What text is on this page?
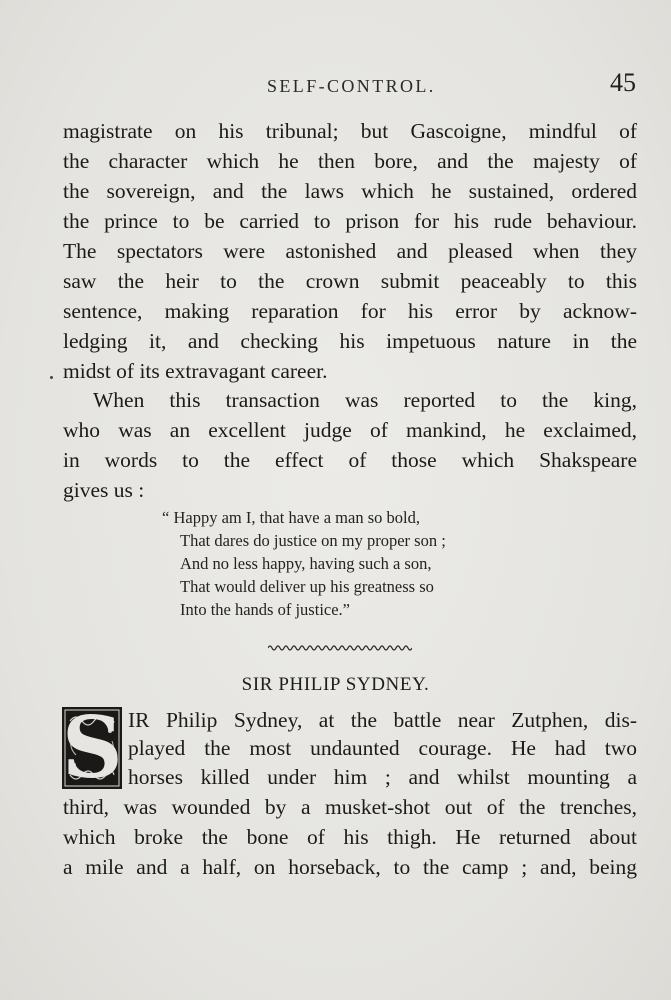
SELF-CONTROL.	45
magistrate on his tribunal; but Gascoigne, mindful of
the character which he then bore, and the majesty of
the sovereign, and the laws which he sustained, ordered
the prince to be carried to prison for his rude behaviour.
The spectators were astonished and pleased when they
saw the heir to the crown submit peaceably to this
sentence, making reparation for his error by acknow-
ledging it, and checking his impetuous nature in the
midst of its extravagant career.
When this transaction was reported to the king,
who was an excellent judge of mankind, he exclaimed,
in words to the effect of those which Shakspeare
gives us :
“ Happy am I, that have a man so bold,
That dares do justice on my proper son ;
And no less happy, having such a son,
That would deliver up his greatness so
Into the hands of justice.”
SIR PHILIP SYDNEY.
S IR Philip Sydney, at the battle near Zutphen, dis-
played the most undaunted courage. He had two
horses killed under him ; and whilst mounting a
third, was wounded by a musket-shot out of the trenches,
which broke the bone of his thigh. He returned about
a mile and a half, on horseback, to the camp ; and, being
